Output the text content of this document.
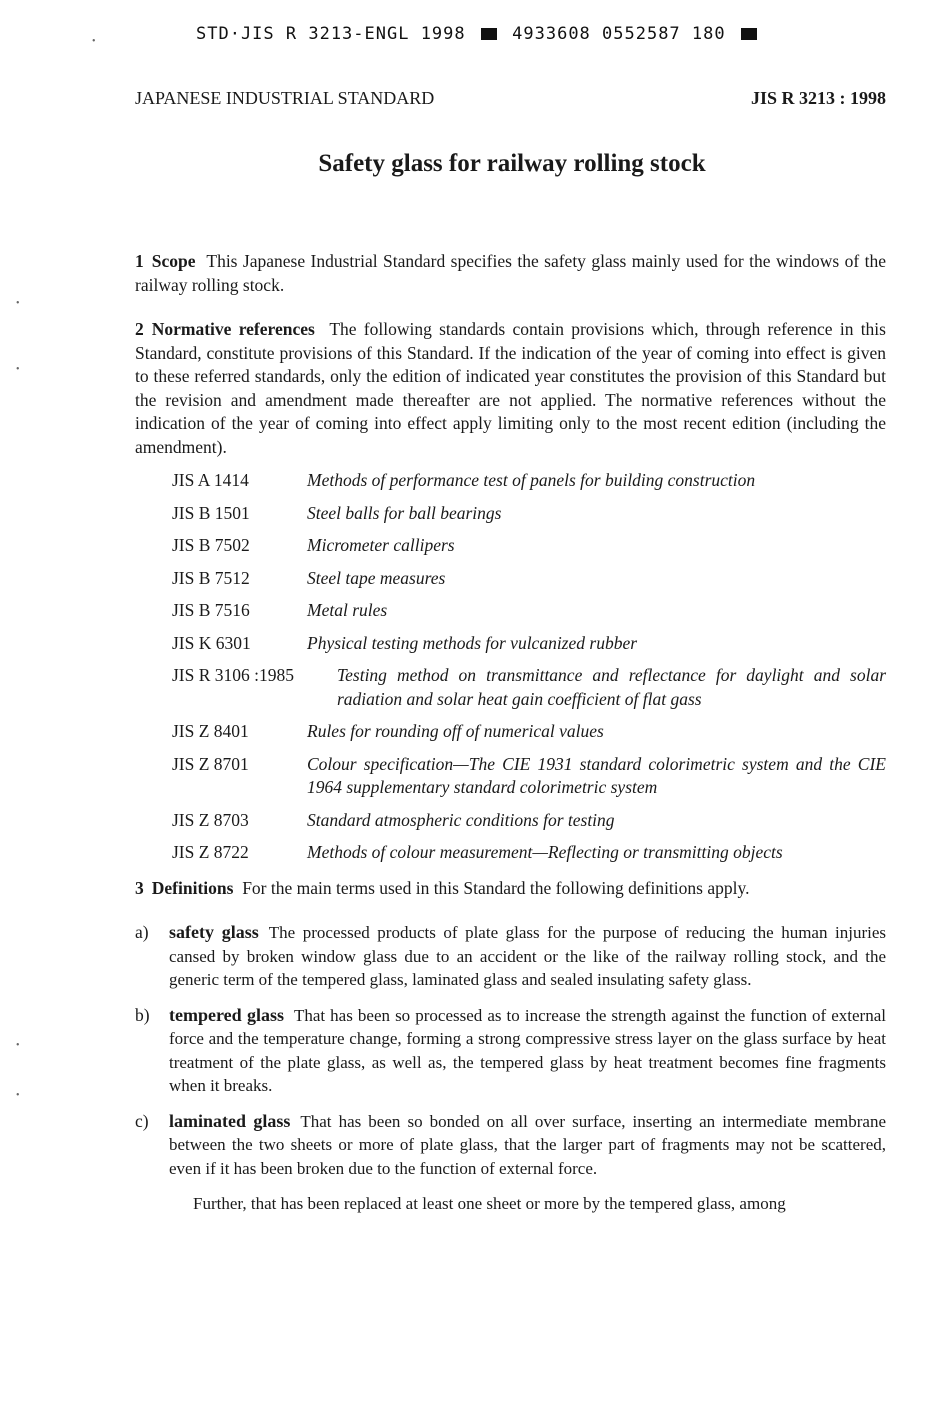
STD·JIS R 3213-ENGL 1998	4933608 0552587 180
•
•
•
•
•
JAPANESE INDUSTRIAL STANDARD	JIS R 3213 : 1998
Safety glass for railway rolling stock

1 Scope This Japanese Industrial Standard specifies the safety glass mainly used for the windows of the railway rolling stock.

2 Normative references The following standards contain provisions which, through reference in this Standard, constitute provisions of this Standard. If the indication of the year of coming into effect is given to these referred standards, only the edition of indicated year constitutes the provision of this Standard but the revision and amendment made thereafter are not applied. The normative references without the indication of the year of coming into effect apply limiting only to the most recent edition (including the amendment).

JIS A 1414	Methods of performance test of panels for building construction
JIS B 1501	Steel balls for ball bearings
JIS B 7502	Micrometer callipers
JIS B 7512	Steel tape measures
JIS B 7516	Metal rules
JIS K 6301	Physical testing methods for vulcanized rubber
JIS R 3106 :1985	Testing method on transmittance and reflectance for daylight and solar radiation and solar heat gain coefficient of flat gass
JIS Z 8401	Rules for rounding off of numerical values
JIS Z 8701	Colour specification—The CIE 1931 standard colorimetric system and the CIE 1964 supplementary standard colorimetric system
JIS Z 8703	Standard atmospheric conditions for testing
JIS Z 8722	Methods of colour measurement—Reflecting or transmitting objects

3 Definitions For the main terms used in this Standard the following definitions apply.

a)	safety glass The processed products of plate glass for the purpose of reducing the human injuries cansed by broken window glass due to an accident or the like of the railway rolling stock, and the generic term of the tempered glass, laminated glass and sealed insulating safety glass.
b)	tempered glass That has been so processed as to increase the strength against the function of external force and the temperature change, forming a strong compressive stress layer on the glass surface by heat treatment of the plate glass, as well as, the tempered glass by heat treatment becomes fine fragments when it breaks.
c)	laminated glass That has been so bonded on all over surface, inserting an intermediate membrane between the two sheets or more of plate glass, that the larger part of fragments may not be scattered, even if it has been broken due to the function of external force.
Further, that has been replaced at least one sheet or more by the tempered glass, among
